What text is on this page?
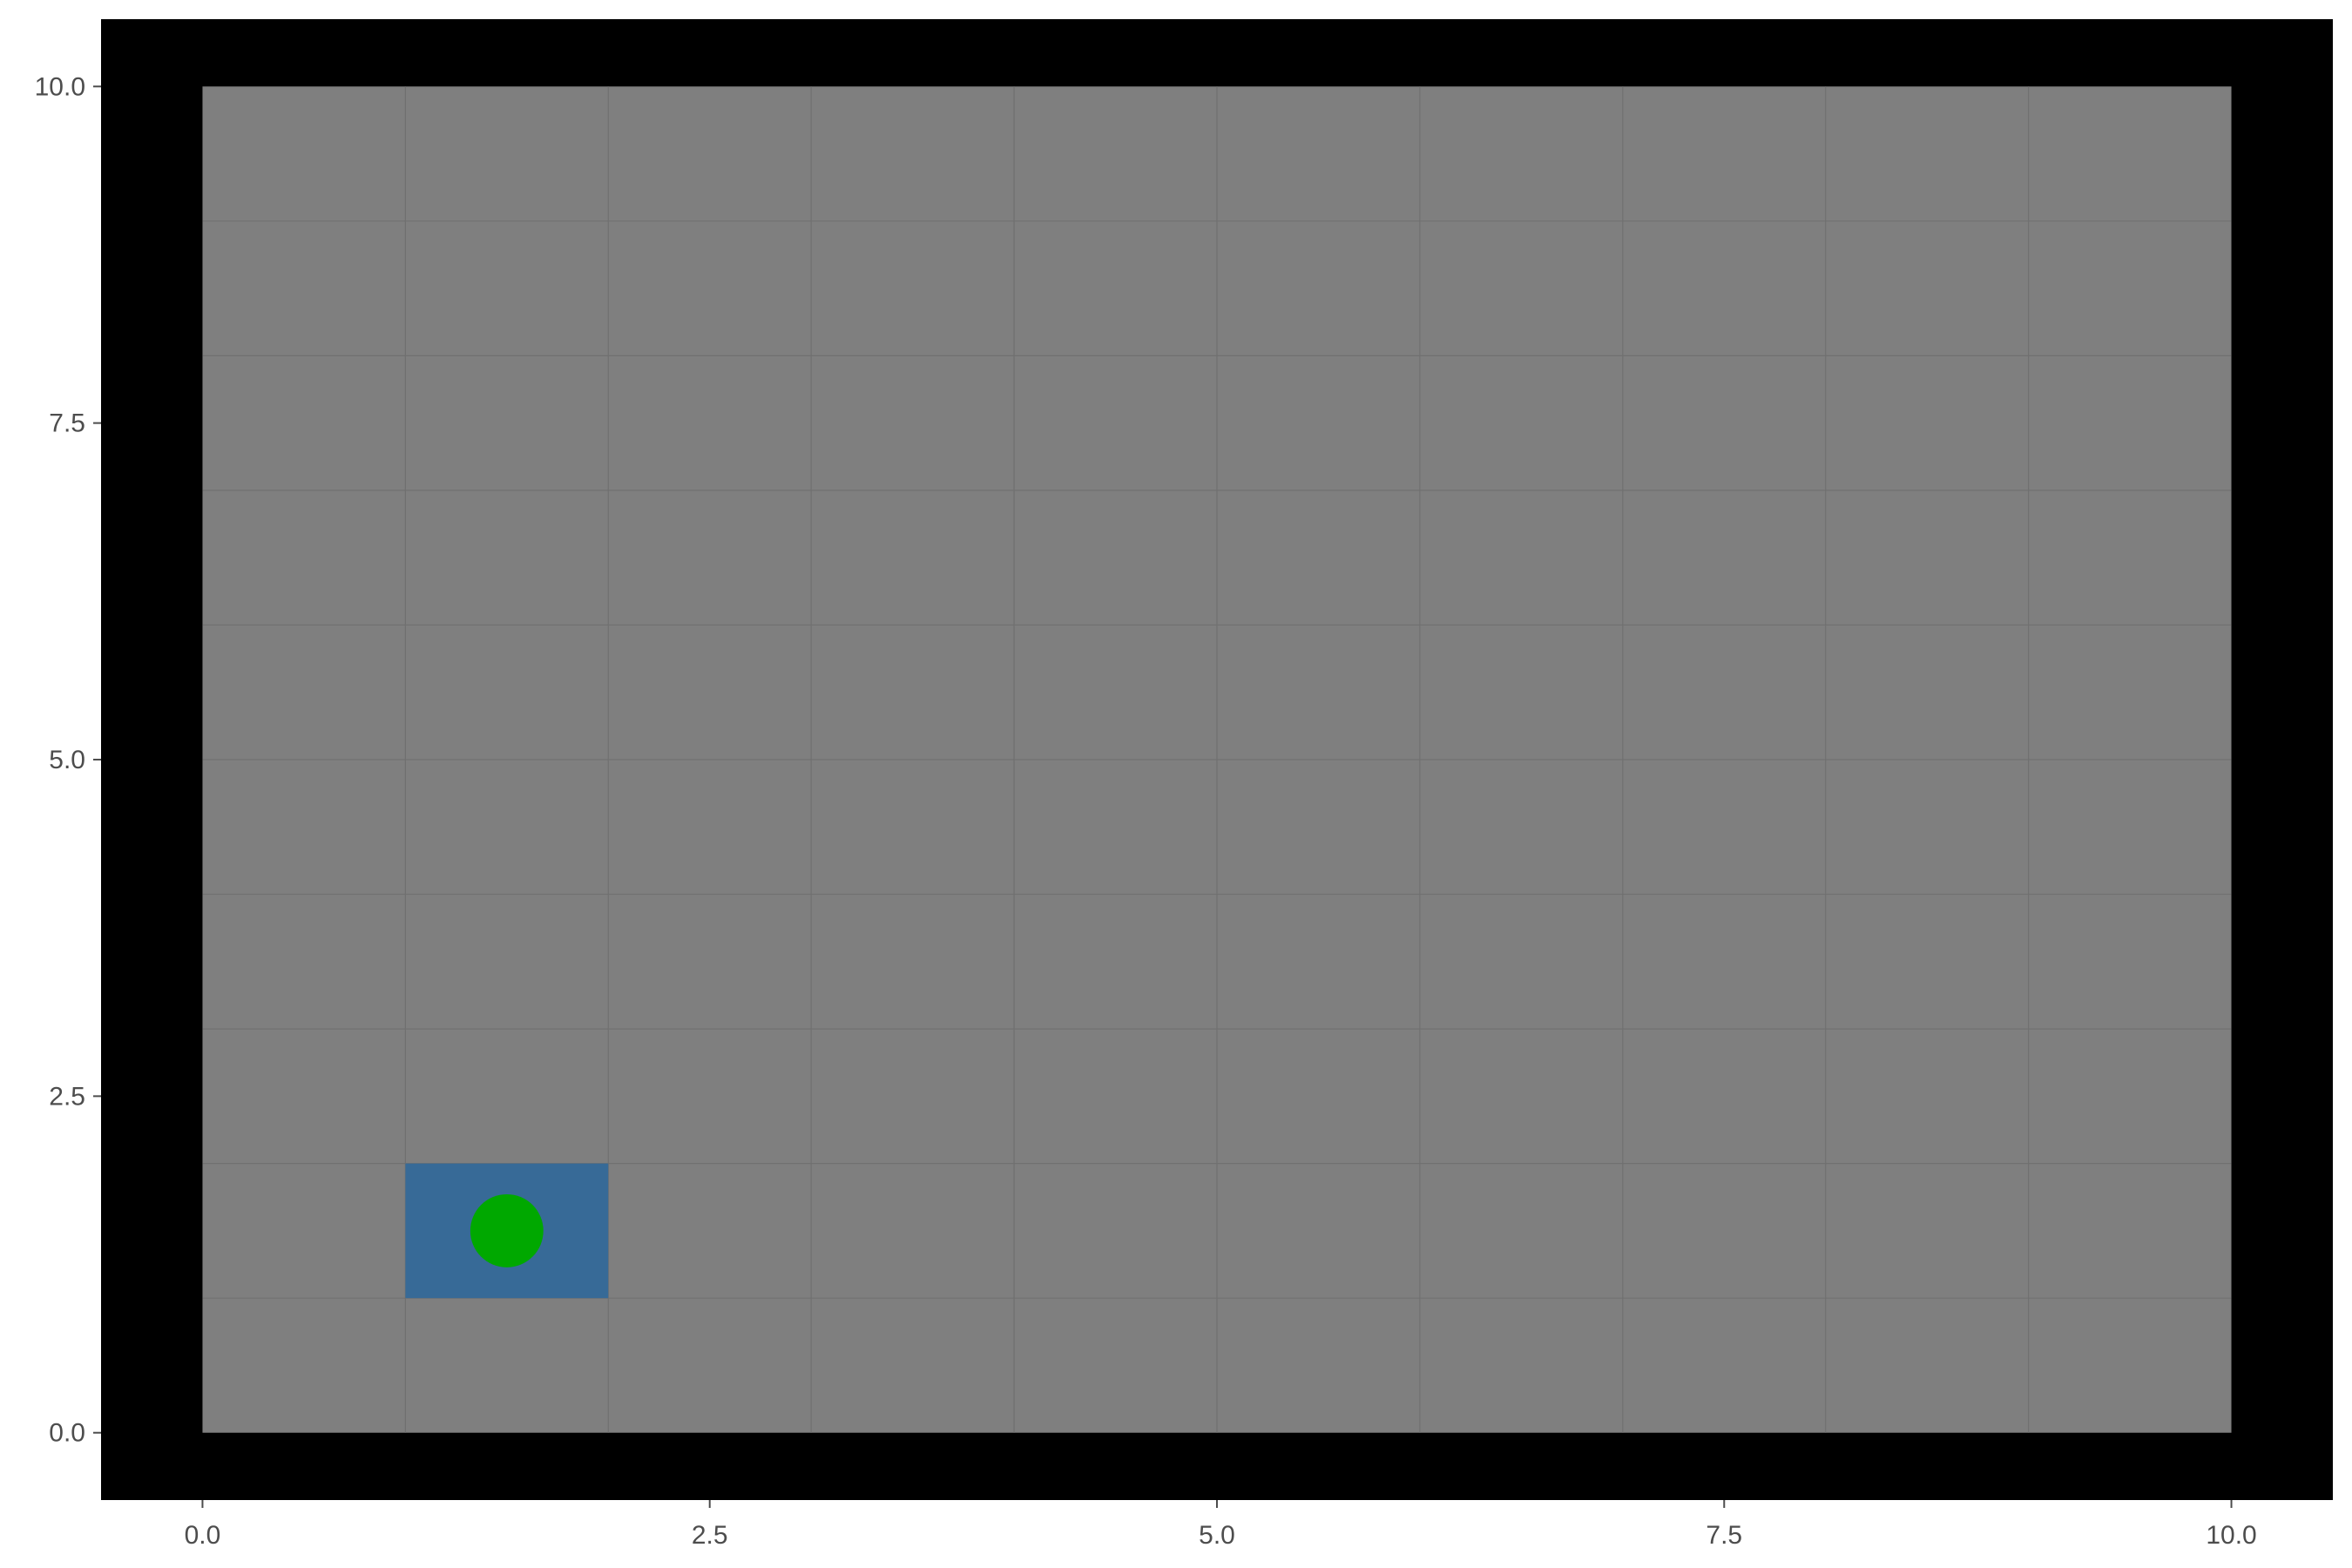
0.0	2.5	5.0	7.5	10.0
0.0
2.5
5.0
7.5
10.0
